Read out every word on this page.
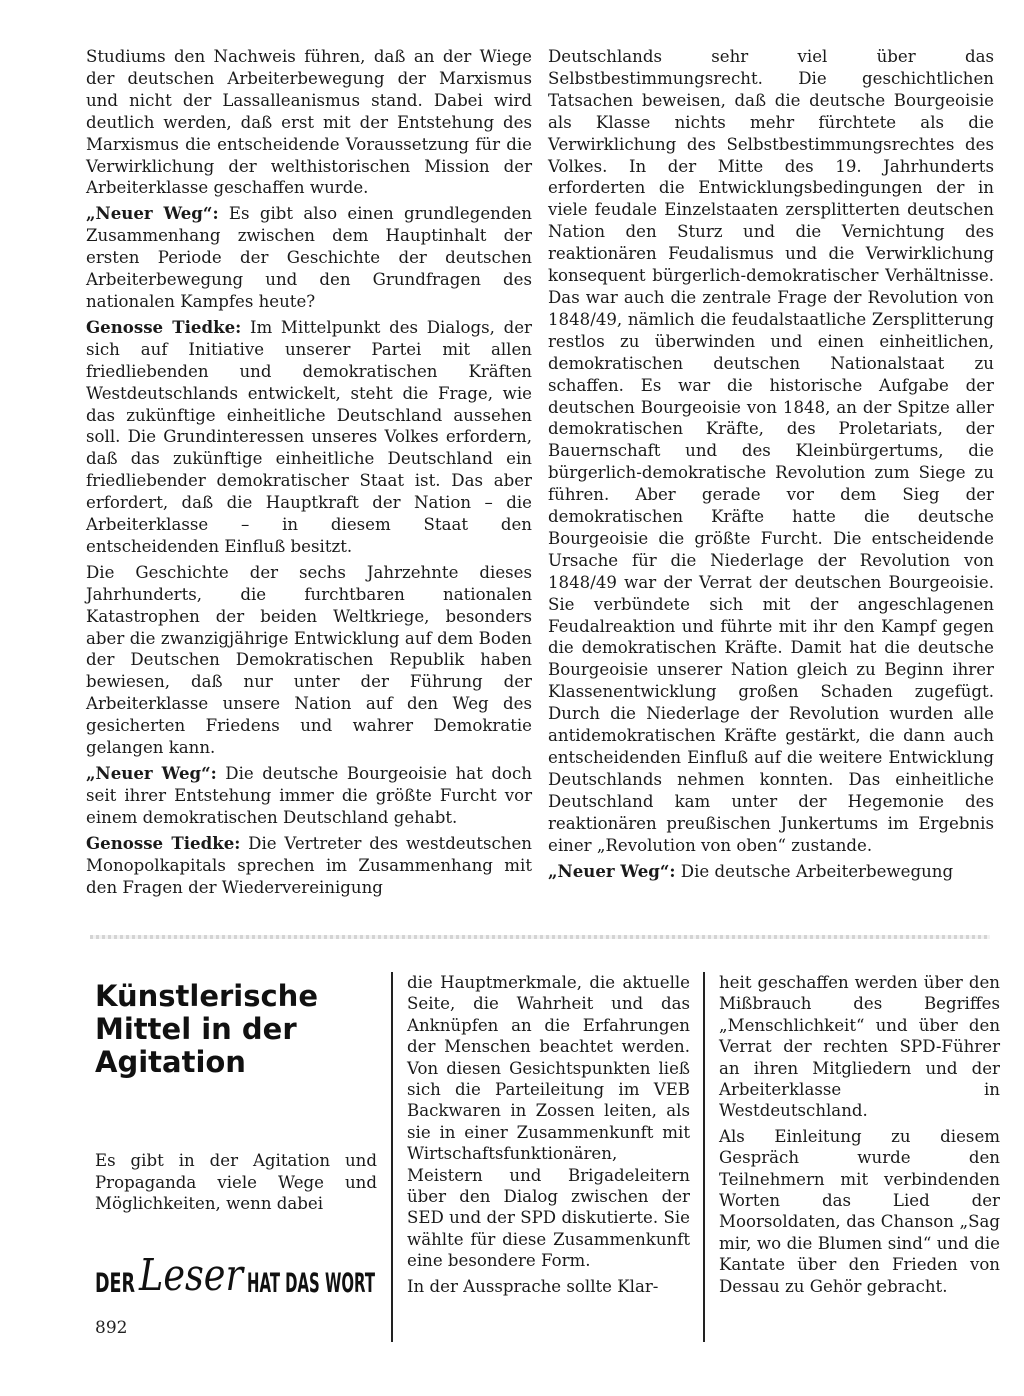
Studiums den Nachweis führen, daß an der Wiege der deutschen Arbeiterbewegung der Marxismus und nicht der Lassalleanismus stand. Dabei wird deutlich werden, daß erst mit der Entstehung des Marxismus die entscheidende Voraussetzung für die Verwirklichung der welthistorischen Mission der Arbeiterklasse geschaffen wurde.

„Neuer Weg“: Es gibt also einen grundlegenden Zusammenhang zwischen dem Hauptinhalt der ersten Periode der Geschichte der deutschen Arbeiterbewegung und den Grundfragen des nationalen Kampfes heute?

Genosse Tiedke: Im Mittelpunkt des Dialogs, der sich auf Initiative unserer Partei mit allen friedliebenden und demokratischen Kräften Westdeutschlands entwickelt, steht die Frage, wie das zukünftige einheitliche Deutschland aussehen soll. Die Grundinteressen unseres Volkes erfordern, daß das zukünftige einheitliche Deutschland ein friedliebender demokratischer Staat ist. Das aber erfordert, daß die Hauptkraft der Nation – die Arbeiterklasse – in diesem Staat den entscheidenden Einfluß besitzt.

Die Geschichte der sechs Jahrzehnte dieses Jahrhunderts, die furchtbaren nationalen Katastrophen der beiden Weltkriege, besonders aber die zwanzigjährige Entwicklung auf dem Boden der Deutschen Demokratischen Republik haben bewiesen, daß nur unter der Führung der Arbeiterklasse unsere Nation auf den Weg des gesicherten Friedens und wahrer Demokratie gelangen kann.

„Neuer Weg“: Die deutsche Bourgeoisie hat doch seit ihrer Entstehung immer die größte Furcht vor einem demokratischen Deutschland gehabt.

Genosse Tiedke: Die Vertreter des westdeutschen Monopolkapitals sprechen im Zusammenhang mit den Fragen der Wiedervereinigung

Deutschlands sehr viel über das Selbstbestimmungsrecht. Die geschichtlichen Tatsachen beweisen, daß die deutsche Bourgeoisie als Klasse nichts mehr fürchtete als die Verwirklichung des Selbstbestimmungsrechtes des Volkes. In der Mitte des 19. Jahrhunderts erforderten die Entwicklungsbedingungen der in viele feudale Einzelstaaten zersplitterten deutschen Nation den Sturz und die Vernichtung des reaktionären Feudalismus und die Verwirklichung konsequent bürgerlich-demokratischer Verhältnisse. Das war auch die zentrale Frage der Revolution von 1848/49, nämlich die feudalstaatliche Zersplitterung restlos zu überwinden und einen einheitlichen, demokratischen deutschen Nationalstaat zu schaffen. Es war die historische Aufgabe der deutschen Bourgeoisie von 1848, an der Spitze aller demokratischen Kräfte, des Proletariats, der Bauernschaft und des Kleinbürgertums, die bürgerlich-demokratische Revolution zum Siege zu führen. Aber gerade vor dem Sieg der demokratischen Kräfte hatte die deutsche Bourgeoisie die größte Furcht. Die entscheidende Ursache für die Niederlage der Revolution von 1848/49 war der Verrat der deutschen Bourgeoisie. Sie verbündete sich mit der angeschlagenen Feudalreaktion und führte mit ihr den Kampf gegen die demokratischen Kräfte. Damit hat die deutsche Bourgeoisie unserer Nation gleich zu Beginn ihrer Klassenentwicklung großen Schaden zugefügt. Durch die Niederlage der Revolution wurden alle antidemokratischen Kräfte gestärkt, die dann auch entscheidenden Einfluß auf die weitere Entwicklung Deutschlands nehmen konnten. Das einheitliche Deutschland kam unter der Hegemonie des reaktionären preußischen Junkertums im Ergebnis einer „Revolution von oben“ zustande.

„Neuer Weg“: Die deutsche Arbeiterbewegung

Künstlerische
Mittel in der
Agitation

Es gibt in der Agitation und Propaganda viele Wege und Möglichkeiten, wenn dabei

DER Leser HAT DAS WORT

die Hauptmerkmale, die aktuelle Seite, die Wahrheit und das Anknüpfen an die Erfahrungen der Menschen beachtet werden. Von diesen Gesichtspunkten ließ sich die Parteileitung im VEB Backwaren in Zossen leiten, als sie in einer Zusammenkunft mit Wirtschaftsfunktionären, Meistern und Brigadeleitern über den Dialog zwischen der SED und der SPD diskutierte. Sie wählte für diese Zusammenkunft eine besondere Form.

In der Aussprache sollte Klar-

heit geschaffen werden über den Mißbrauch des Begriffes „Menschlichkeit“ und über den Verrat der rechten SPD-Führer an ihren Mitgliedern und der Arbeiterklasse in Westdeutschland.

Als Einleitung zu diesem Gespräch wurde den Teilnehmern mit verbindenden Worten das Lied der Moorsoldaten, das Chanson „Sag mir, wo die Blumen sind“ und die Kantate über den Frieden von Dessau zu Gehör gebracht.

892
